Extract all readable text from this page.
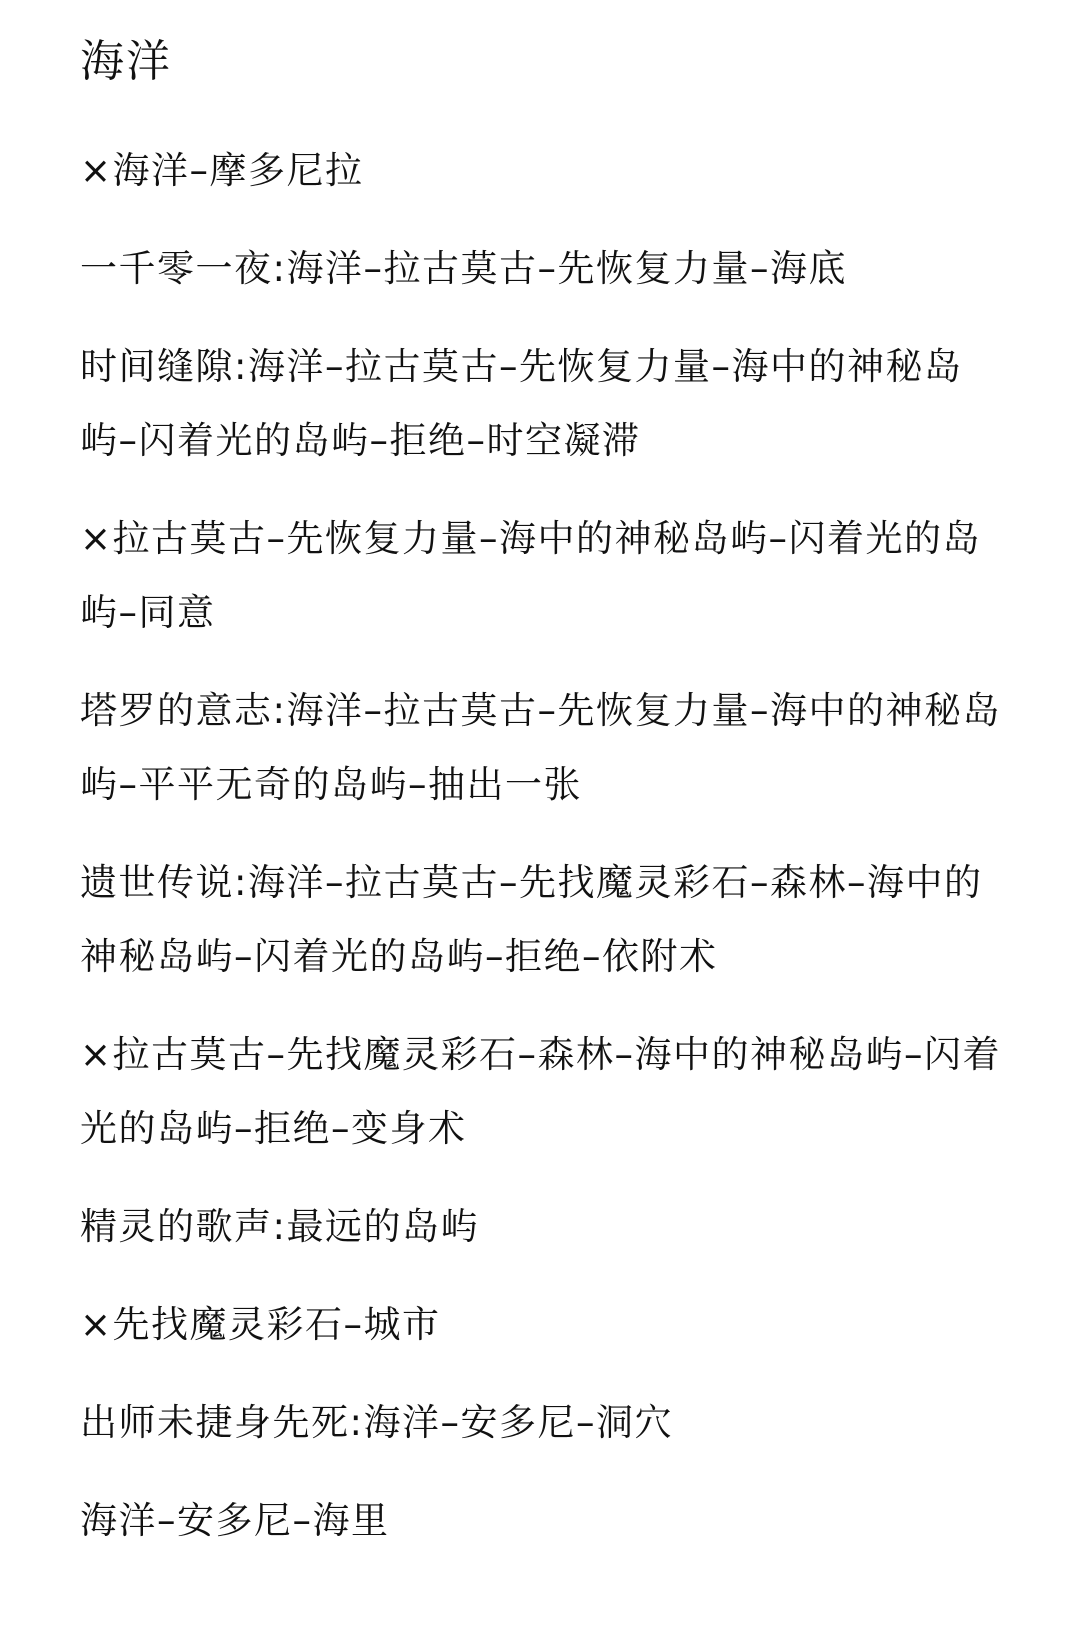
海洋

×海洋–摩多尼拉

一千零一夜:海洋–拉古莫古–先恢复力量–海底

时间缝隙:海洋–拉古莫古–先恢复力量–海中的神秘岛屿–闪着光的岛屿–拒绝–时空凝滞

×拉古莫古–先恢复力量–海中的神秘岛屿–闪着光的岛屿–同意

塔罗的意志:海洋–拉古莫古–先恢复力量–海中的神秘岛屿–平平无奇的岛屿–抽出一张

遗世传说:海洋–拉古莫古–先找魔灵彩石–森林–海中的神秘岛屿–闪着光的岛屿–拒绝–依附术

×拉古莫古–先找魔灵彩石–森林–海中的神秘岛屿–闪着光的岛屿–拒绝–变身术

精灵的歌声:最远的岛屿

×先找魔灵彩石–城市

出师未捷身先死:海洋–安多尼–洞穴

海洋–安多尼–海里
